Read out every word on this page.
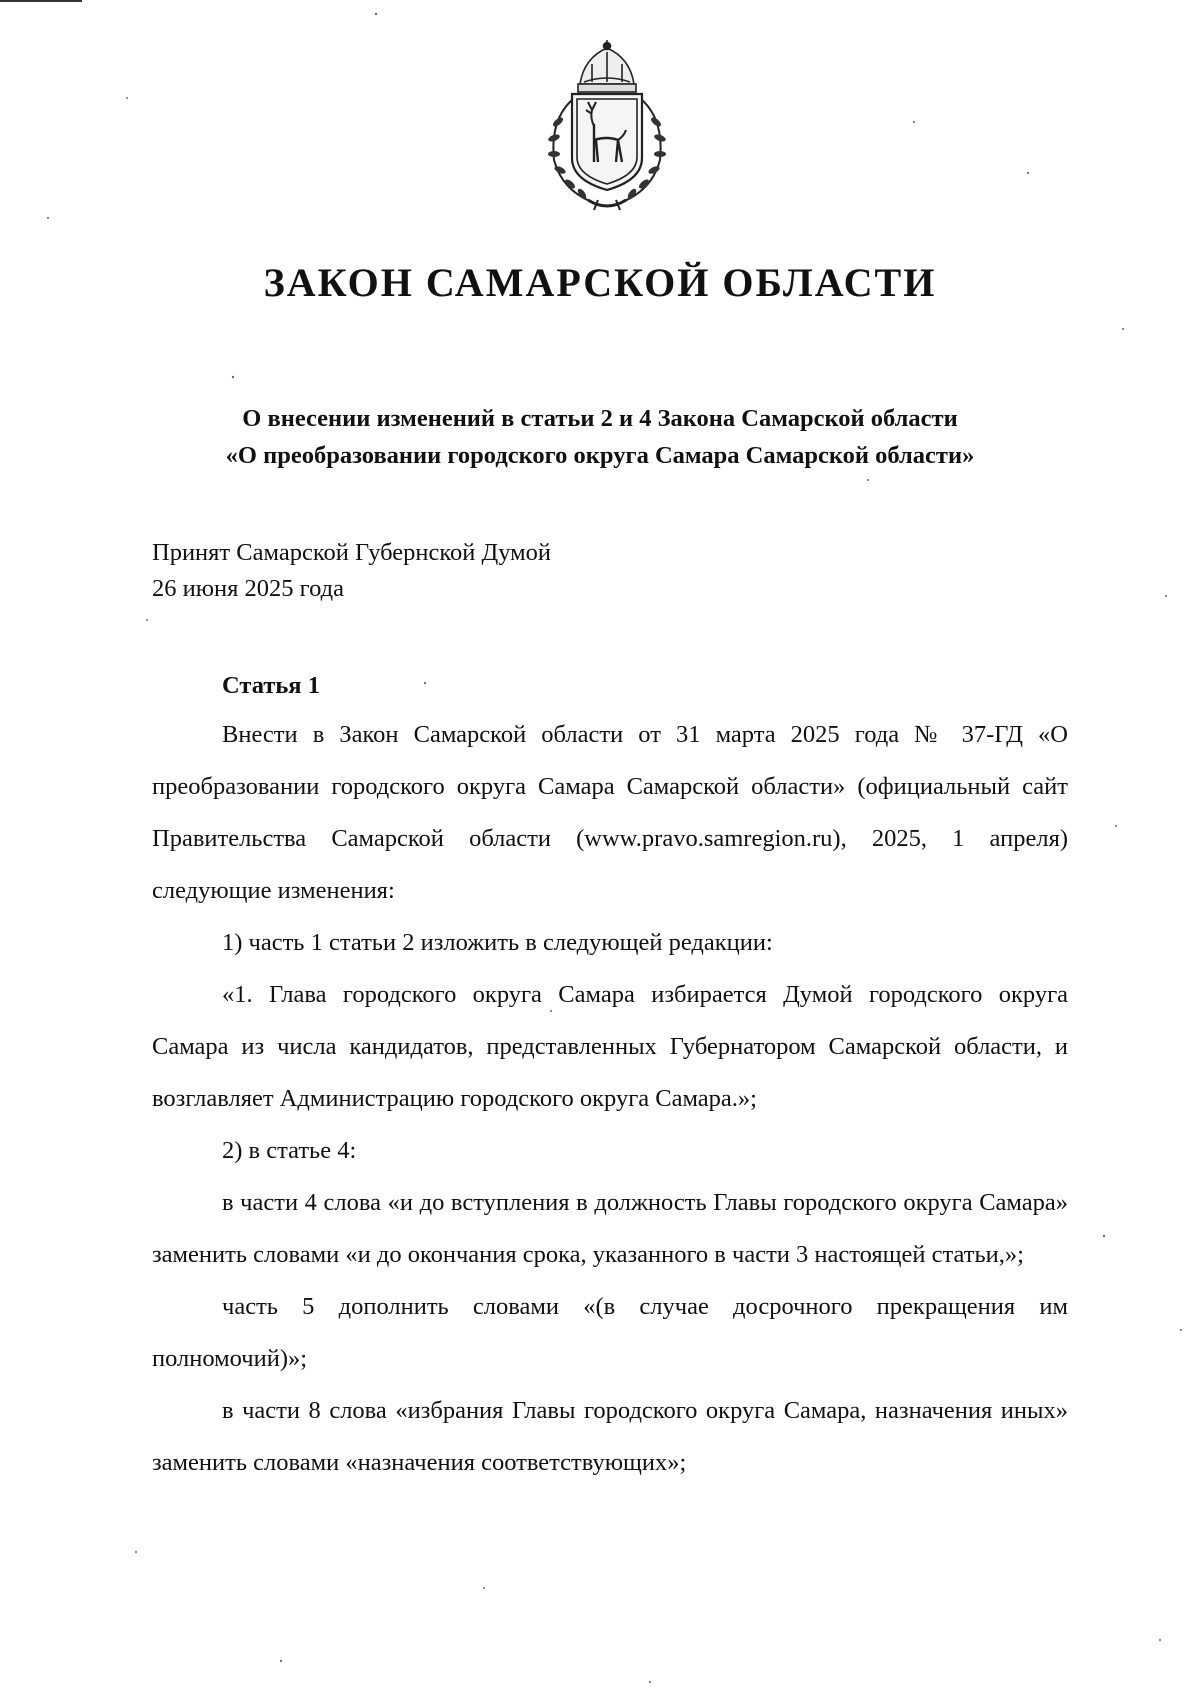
ЗАКОН САМАРСКОЙ ОБЛАСТИ
О внесении изменений в статьи 2 и 4 Закона Самарской области
«О преобразовании городского округа Самара Самарской области»
Принят Самарской Губернской Думой
26 июня 2025 года

Статья 1

Внести в Закон Самарской области от 31 марта 2025 года № 37-ГД «О преобразовании городского округа Самара Самарской области» (официальный сайт Правительства Самарской области (www.pravo.samregion.ru), 2025, 1 апреля) следующие изменения:

1) часть 1 статьи 2 изложить в следующей редакции:

«1. Глава городского округа Самара избирается Думой городского округа Самара из числа кандидатов, представленных Губернатором Самарской области, и возглавляет Администрацию городского округа Самара.»;

2) в статье 4:

в части 4 слова «и до вступления в должность Главы городского округа Самара» заменить словами «и до окончания срока, указанного в части 3 настоящей статьи,»;

часть 5 дополнить словами «(в случае досрочного прекращения им полномочий)»;

в части 8 слова «избрания Главы городского округа Самара, назначения иных» заменить словами «назначения соответствующих»;
